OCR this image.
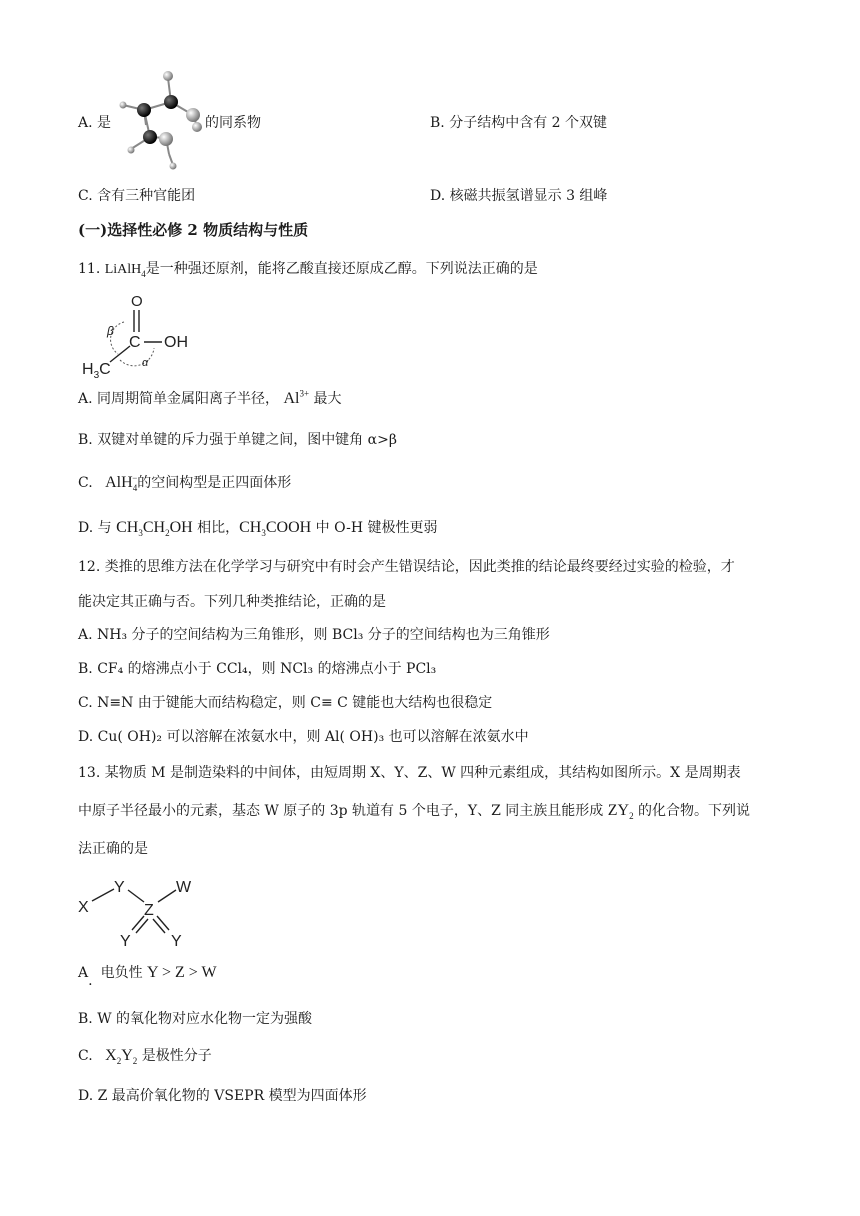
A. 是	的同系物	B. 分子结构中含有 2 个双键
C. 含有三种官能团	D. 核磁共振氢谱显示 3 组峰
(一)选择性必修 2 物质结构与性质
11. LiAlH$_4$是一种强还原剂，能将乙酸直接还原成乙醇。下列说法正确的是
O
C OH
$H_3C$
β
α
A. 同周期简单金属阳离子半径， $Al^{3+}$ 最大
B. 双键对单键的斥力强于单键之间，图中键角 α>β
C. AlH$_4$−的空间构型是正四面体形
D. 与 $CH_3CH_2OH$ 相比，$CH_3COOH$ 中 O-H 键极性更弱
12. 类推的思维方法在化学学习与研究中有时会产生错误结论，因此类推的结论最终要经过实验的检验，才
能决定其正确与否。下列几种类推结论，正确的是
A. NH₃ 分子的空间结构为三角锥形，则 BCl₃ 分子的空间结构也为三角锥形
B. CF₄ 的熔沸点小于 CCl₄，则 NCl₃ 的熔沸点小于 PCl₃
C. N≡N 由于键能大而结构稳定，则 C≡ C 键能也大结构也很稳定
D. Cu( OH)₂ 可以溶解在浓氨水中，则 Al( OH)₃ 也可以溶解在浓氨水中
13. 某物质 M 是制造染料的中间体，由短周期 X、Y、Z、W 四种元素组成，其结构如图所示。X 是周期表
中原子半径最小的元素，基态 W 原子的 3p 轨道有 5 个电子，Y、Z 同主族且能形成 $ZY_2$ 的化合物。下列说
法正确的是
X
Y
Z
W
Y	Y
A. 电负性 Y > Z > W
B. W 的氧化物对应水化物一定为强酸
C. $X_2Y_2$ 是极性分子
D. Z 最高价氧化物的 VSEPR 模型为四面体形
